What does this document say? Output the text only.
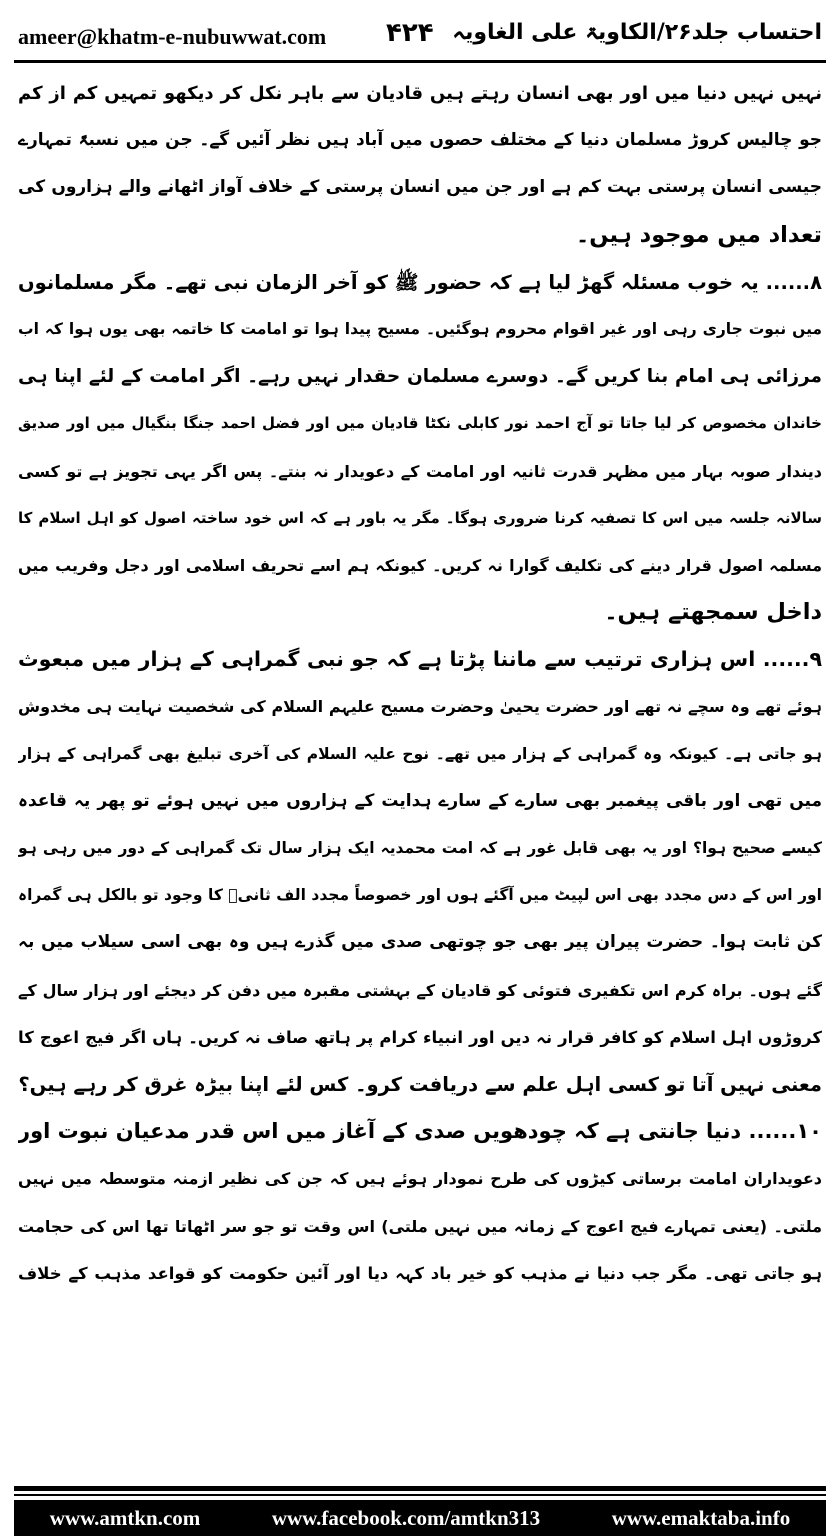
ameer@khatm-e-nubuwwat.com ۴۲۴ احتساب جلد۲۶/الکاویۃ علی الغاویہ
نہیں نہیں دنیا میں اور بھی انسان رہتے ہیں قادیان سے باہر نکل کر دیکھو تمہیں کم از کم
جو چالیس کروڑ مسلمان دنیا کے مختلف حصوں میں آباد ہیں نظر آئیں گے۔ جن میں نسبۃً تمہارے
جیسی انسان پرستی بہت کم ہے اور جن میں انسان پرستی کے خلاف آواز اٹھانے والے ہزاروں کی
تعداد میں موجود ہیں۔
۸...... یہ خوب مسئلہ گھڑ لیا ہے کہ حضور ﷺ کو آخر الزمان نبی تھے۔ مگر مسلمانوں
میں نبوت جاری رہی اور غیر اقوام محروم ہوگئیں۔ مسیح پیدا ہوا تو امامت کا خاتمہ بھی یوں ہوا کہ اب
مرزائی ہی امام بنا کریں گے۔ دوسرے مسلمان حقدار نہیں رہے۔ اگر امامت کے لئے اپنا ہی
خاندان مخصوص کر لیا جاتا تو آج احمد نور کابلی نکٹا قادیان میں اور فضل احمد جنگا بنگیال میں اور صدیق
دیندار صوبہ بہار میں مظہر قدرت ثانیہ اور امامت کے دعویدار نہ بنتے۔ پس اگر یہی تجویز ہے تو کسی
سالانہ جلسہ میں اس کا تصفیہ کرنا ضروری ہوگا۔ مگر یہ باور ہے کہ اس خود ساختہ اصول کو اہل اسلام کا
مسلمہ اصول قرار دینے کی تکلیف گوارا نہ کریں۔ کیونکہ ہم اسے تحریف اسلامی اور دجل وفریب میں
داخل سمجھتے ہیں۔
۹...... اس ہزاری ترتیب سے ماننا پڑتا ہے کہ جو نبی گمراہی کے ہزار میں مبعوث
ہوئے تھے وہ سچے نہ تھے اور حضرت یحییٰ وحضرت مسیح علیہم السلام کی شخصیت نہایت ہی مخدوش
ہو جاتی ہے۔ کیونکہ وہ گمراہی کے ہزار میں تھے۔ نوح علیہ السلام کی آخری تبلیغ بھی گمراہی کے ہزار
میں تھی اور باقی پیغمبر بھی سارے کے سارے ہدایت کے ہزاروں میں نہیں ہوئے تو پھر یہ قاعدہ
کیسے صحیح ہوا؟ اور یہ بھی قابل غور ہے کہ امت محمدیہ ایک ہزار سال تک گمراہی کے دور میں رہی ہو
اور اس کے دس مجدد بھی اس لپیٹ میں آگئے ہوں اور خصوصاً مجدد الف ثانیؒ کا وجود تو بالکل ہی گمراہ
کن ثابت ہوا۔ حضرت پیران پیر بھی جو چوتھی صدی میں گذرے ہیں وہ بھی اسی سیلاب میں بہ
گئے ہوں۔ براہ کرم اس تکفیری فتوئی کو قادیان کے بہشتی مقبرہ میں دفن کر دیجئے اور ہزار سال کے
کروڑوں اہل اسلام کو کافر قرار نہ دیں اور انبیاء کرام پر ہاتھ صاف نہ کریں۔ ہاں اگر فیج اعوج کا
معنی نہیں آتا تو کسی اہل علم سے دریافت کرو۔ کس لئے اپنا بیڑہ غرق کر رہے ہیں؟
۱۰...... دنیا جانتی ہے کہ چودھویں صدی کے آغاز میں اس قدر مدعیان نبوت اور
دعویداران امامت برساتی کیڑوں کی طرح نمودار ہوئے ہیں کہ جن کی نظیر ازمنہ متوسطہ میں نہیں
ملتی۔ (یعنی تمہارے فیج اعوج کے زمانہ میں نہیں ملتی) اس وقت تو جو سر اٹھاتا تھا اس کی حجامت
ہو جاتی تھی۔ مگر جب دنیا نے مذہب کو خیر باد کہہ دیا اور آئین حکومت کو قواعد مذہب کے خلاف
www.amtkn.com	www.facebook.com/amtkn313	www.emaktaba.info
